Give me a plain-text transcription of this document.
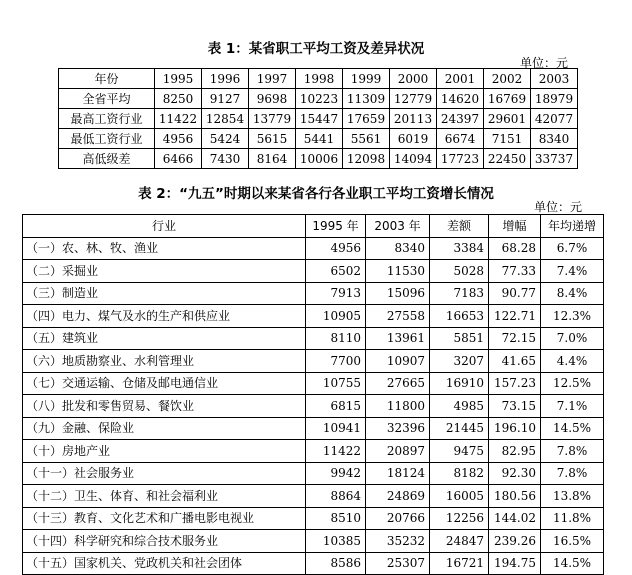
表 1：某省职工平均工资及差异状况
单位：元
年份	1995	1996	1997	1998	1999	2000	2001	2002	2003
全省平均	8250	9127	9698	10223	11309	12779	14620	16769	18979
最高工资行业	11422	12854	13779	15447	17659	20113	24397	29601	42077
最低工资行业	4956	5424	5615	5441	5561	6019	6674	7151	8340
高低级差	6466	7430	8164	10006	12098	14094	17723	22450	33737
表 2：“九五”时期以来某省各行各业职工平均工资增长情况
单位：元
行业	1995 年	2003 年	差额	增幅	年均递增
（一）农、林、牧、渔业	4956	8340	3384	68.28	6.7%
（二）采掘业	6502	11530	5028	77.33	7.4%
（三）制造业	7913	15096	7183	90.77	8.4%
（四）电力、煤气及水的生产和供应业	10905	27558	16653	122.71	12.3%
（五）建筑业	8110	13961	5851	72.15	7.0%
（六）地质勘察业、水利管理业	7700	10907	3207	41.65	4.4%
（七）交通运输、仓储及邮电通信业	10755	27665	16910	157.23	12.5%
（八）批发和零售贸易、餐饮业	6815	11800	4985	73.15	7.1%
（九）金融、保险业	10941	32396	21445	196.10	14.5%
（十）房地产业	11422	20897	9475	82.95	7.8%
（十一）社会服务业	9942	18124	8182	92.30	7.8%
（十二）卫生、体育、和社会福利业	8864	24869	16005	180.56	13.8%
（十三）教育、文化艺术和广播电影电视业	8510	20766	12256	144.02	11.8%
（十四）科学研究和综合技术服务业	10385	35232	24847	239.26	16.5%
（十五）国家机关、党政机关和社会团体	8586	25307	16721	194.75	14.5%
